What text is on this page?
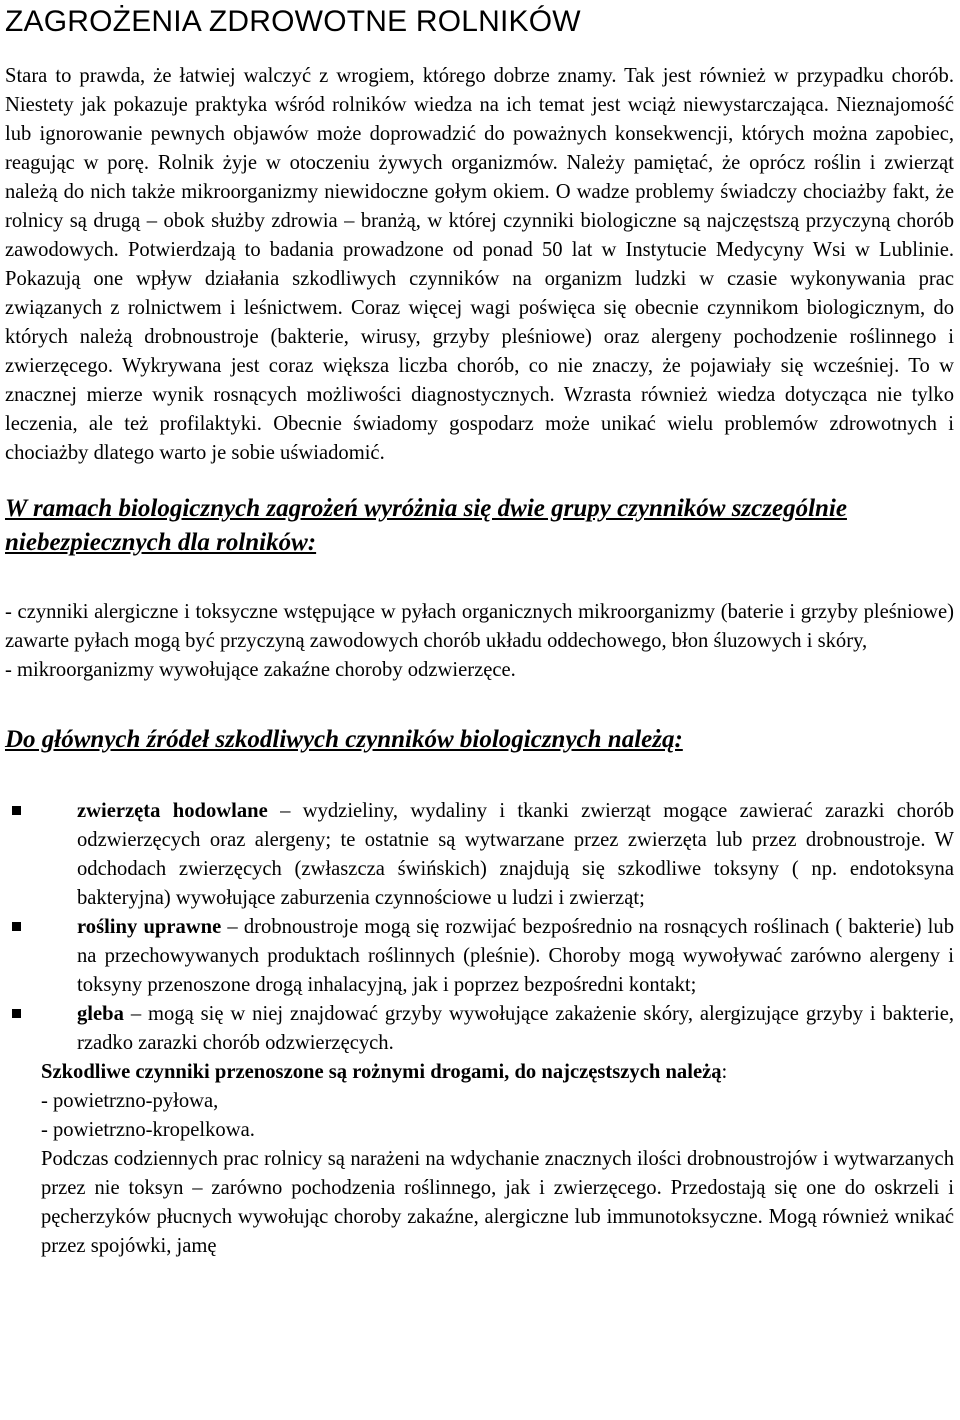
ZAGROŻENIA ZDROWOTNE ROLNIKÓW

Stara to prawda, że łatwiej walczyć z wrogiem, którego dobrze znamy. Tak jest również w przypadku chorób. Niestety jak pokazuje praktyka wśród rolników wiedza na ich temat jest wciąż niewystarczająca. Nieznajomość lub ignorowanie pewnych objawów może doprowadzić do poważnych konsekwencji, których można zapobiec, reagując w porę. Rolnik żyje w otoczeniu żywych organizmów. Należy pamiętać, że oprócz roślin i zwierząt należą do nich także mikroorganizmy niewidoczne gołym okiem. O wadze problemy świadczy chociażby fakt, że rolnicy są drugą – obok służby zdrowia – branżą, w której czynniki biologiczne są najczęstszą przyczyną chorób zawodowych. Potwierdzają to badania prowadzone od ponad 50 lat w Instytucie Medycyny Wsi w Lublinie. Pokazują one wpływ działania szkodliwych czynników na organizm ludzki w czasie wykonywania prac związanych z rolnictwem i leśnictwem. Coraz więcej wagi poświęca się obecnie czynnikom biologicznym, do których należą drobnoustroje (bakterie, wirusy, grzyby pleśniowe) oraz alergeny pochodzenie roślinnego i zwierzęcego. Wykrywana jest coraz większa liczba chorób, co nie znaczy, że pojawiały się wcześniej. To w znacznej mierze wynik rosnących możliwości diagnostycznych. Wzrasta również wiedza dotycząca nie tylko leczenia, ale też profilaktyki. Obecnie świadomy gospodarz może unikać wielu problemów zdrowotnych i chociażby dlatego warto je sobie uświadomić.

W ramach biologicznych zagrożeń wyróżnia się dwie grupy czynników szczególnie niebezpiecznych dla rolników:

- czynniki alergiczne i toksyczne wstępujące w pyłach organicznych mikroorganizmy (baterie i grzyby pleśniowe) zawarte pyłach mogą być przyczyną zawodowych chorób układu oddechowego, błon śluzowych i skóry,

- mikroorganizmy wywołujące zakaźne choroby odzwierzęce.

Do głównych źródeł szkodliwych czynników biologicznych należą:

zwierzęta hodowlane – wydzieliny, wydaliny i tkanki zwierząt mogące zawierać zarazki chorób odzwierzęcych oraz alergeny; te ostatnie są wytwarzane przez zwierzęta lub przez drobnoustroje. W odchodach zwierzęcych (zwłaszcza świńskich) znajdują się szkodliwe toksyny ( np. endotoksyna bakteryjna) wywołujące zaburzenia czynnościowe u ludzi i zwierząt;
rośliny uprawne – drobnoustroje mogą się rozwijać bezpośrednio na rosnących roślinach ( bakterie) lub na przechowywanych produktach roślinnych (pleśnie). Choroby mogą wywoływać zarówno alergeny i toksyny przenoszone drogą inhalacyjną, jak i poprzez bezpośredni kontakt;
gleba – mogą się w niej znajdować grzyby wywołujące zakażenie skóry, alergizujące grzyby i bakterie, rzadko zarazki chorób odzwierzęcych.

Szkodliwe czynniki przenoszone są rożnymi drogami, do najczęstszych należą:

- powietrzno-pyłowa,

- powietrzno-kropelkowa.

Podczas codziennych prac rolnicy są narażeni na wdychanie znacznych ilości drobnoustrojów i wytwarzanych przez nie toksyn – zarówno pochodzenia roślinnego, jak i zwierzęcego. Przedostają się one do oskrzeli i pęcherzyków płucnych wywołując choroby zakaźne, alergiczne lub immunotoksyczne. Mogą również wnikać przez spojówki, jamę
